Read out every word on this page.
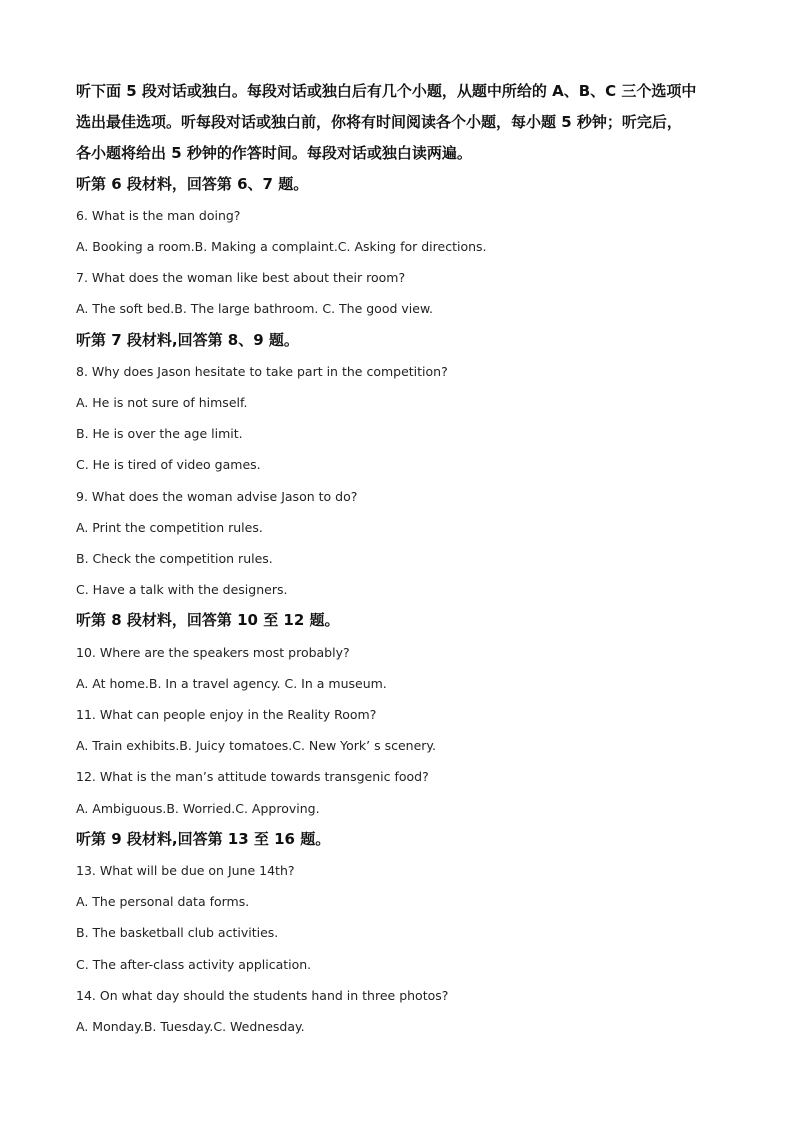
听下面 5 段对话或独白。每段对话或独白后有几个小题，从题中所给的 A、B、C 三个选项中
选出最佳选项。听每段对话或独白前，你将有时间阅读各个小题，每小题 5 秒钟；听完后，
各小题将给出 5 秒钟的作答时间。每段对话或独白读两遍。
听第 6 段材料，回答第 6、7 题。
6. What is the man doing?
A. Booking a room.B. Making a complaint.C. Asking for directions.
7. What does the woman like best about their room?
A. The soft bed.B. The large bathroom. C. The good view.
听第 7 段材料,回答第 8、9 题。
8. Why does Jason hesitate to take part in the competition?
A. He is not sure of himself.
B. He is over the age limit.
C. He is tired of video games.
9. What does the woman advise Jason to do?
A. Print the competition rules.
B. Check the competition rules.
C. Have a talk with the designers.
听第 8 段材料，回答第 10 至 12 题。
10. Where are the speakers most probably?
A. At home.B. In a travel agency. C. In a museum.
11. What can people enjoy in the Reality Room?
A. Train exhibits.B. Juicy tomatoes.C. New York’ s scenery.
12. What is the man’s attitude towards transgenic food?
A. Ambiguous.B. Worried.C. Approving.
听第 9 段材料,回答第 13 至 16 题。
13. What will be due on June 14th?
A. The personal data forms.
B. The basketball club activities.
C. The after-class activity application.
14. On what day should the students hand in three photos?
A. Monday.B. Tuesday.C. Wednesday.
